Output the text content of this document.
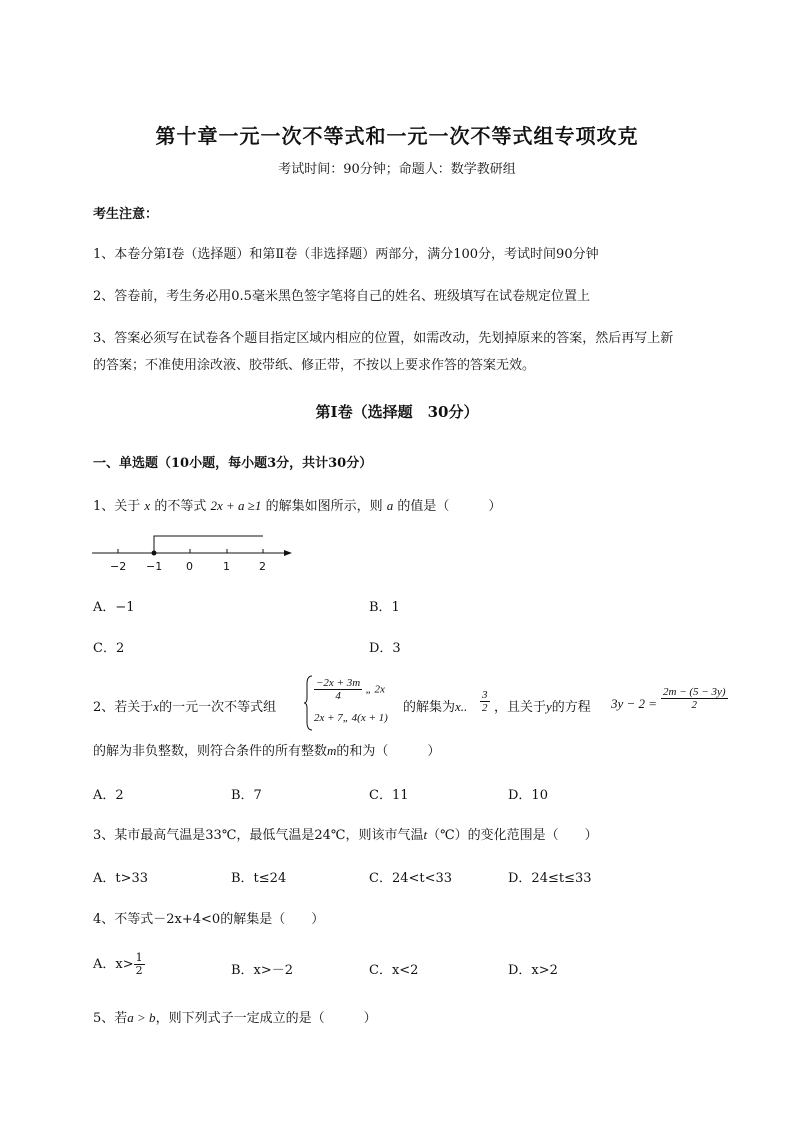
第十章一元一次不等式和一元一次不等式组专项攻克
考试时间：90分钟；命题人：数学教研组
考生注意：
1、本卷分第I卷（选择题）和第Ⅱ卷（非选择题）两部分，满分100分，考试时间90分钟
2、答卷前，考生务必用0.5毫米黑色签字笔将自己的姓名、班级填写在试卷规定位置上
3、答案必须写在试卷各个题目指定区域内相应的位置，如需改动，先划掉原来的答案，然后再写上新
的答案；不准使用涂改液、胶带纸、修正带，不按以上要求作答的答案无效。
第I卷（选择题　30分）
一、单选题（10小题，每小题3分，共计30分）
1、关于 x 的不等式 2x + a ≥1 的解集如图所示，则 a 的值是（　　　）
−2 −1 0	1	2
A．−1	B．1
C．2	D．3
2、若关于x的一元一次不等式组
$\frac{-2x + 3m}{4}$ „ 2x
2x + 7„ 4(x + 1)
的解集为x.. $\frac{3}{2}$ ，且关于y的方程 $3y - 2 = \frac{2m - (5 - 3y)}{2}$
的解为非负整数，则符合条件的所有整数m的和为（　　　）
A．2	B．7	C．11	D．10
3、某市最高气温是33℃，最低气温是24℃，则该市气温t（℃）的变化范围是（　　）
A．t>33	B．t≤24	C．24<t<33	D．24≤t≤33
4、不等式－2x+4<0的解集是（　　）
A．$x> \frac{1}{2}$	B．x>－2	C．x<2	D．x>2
5、若a > b，则下列式子一定成立的是（　　　）
